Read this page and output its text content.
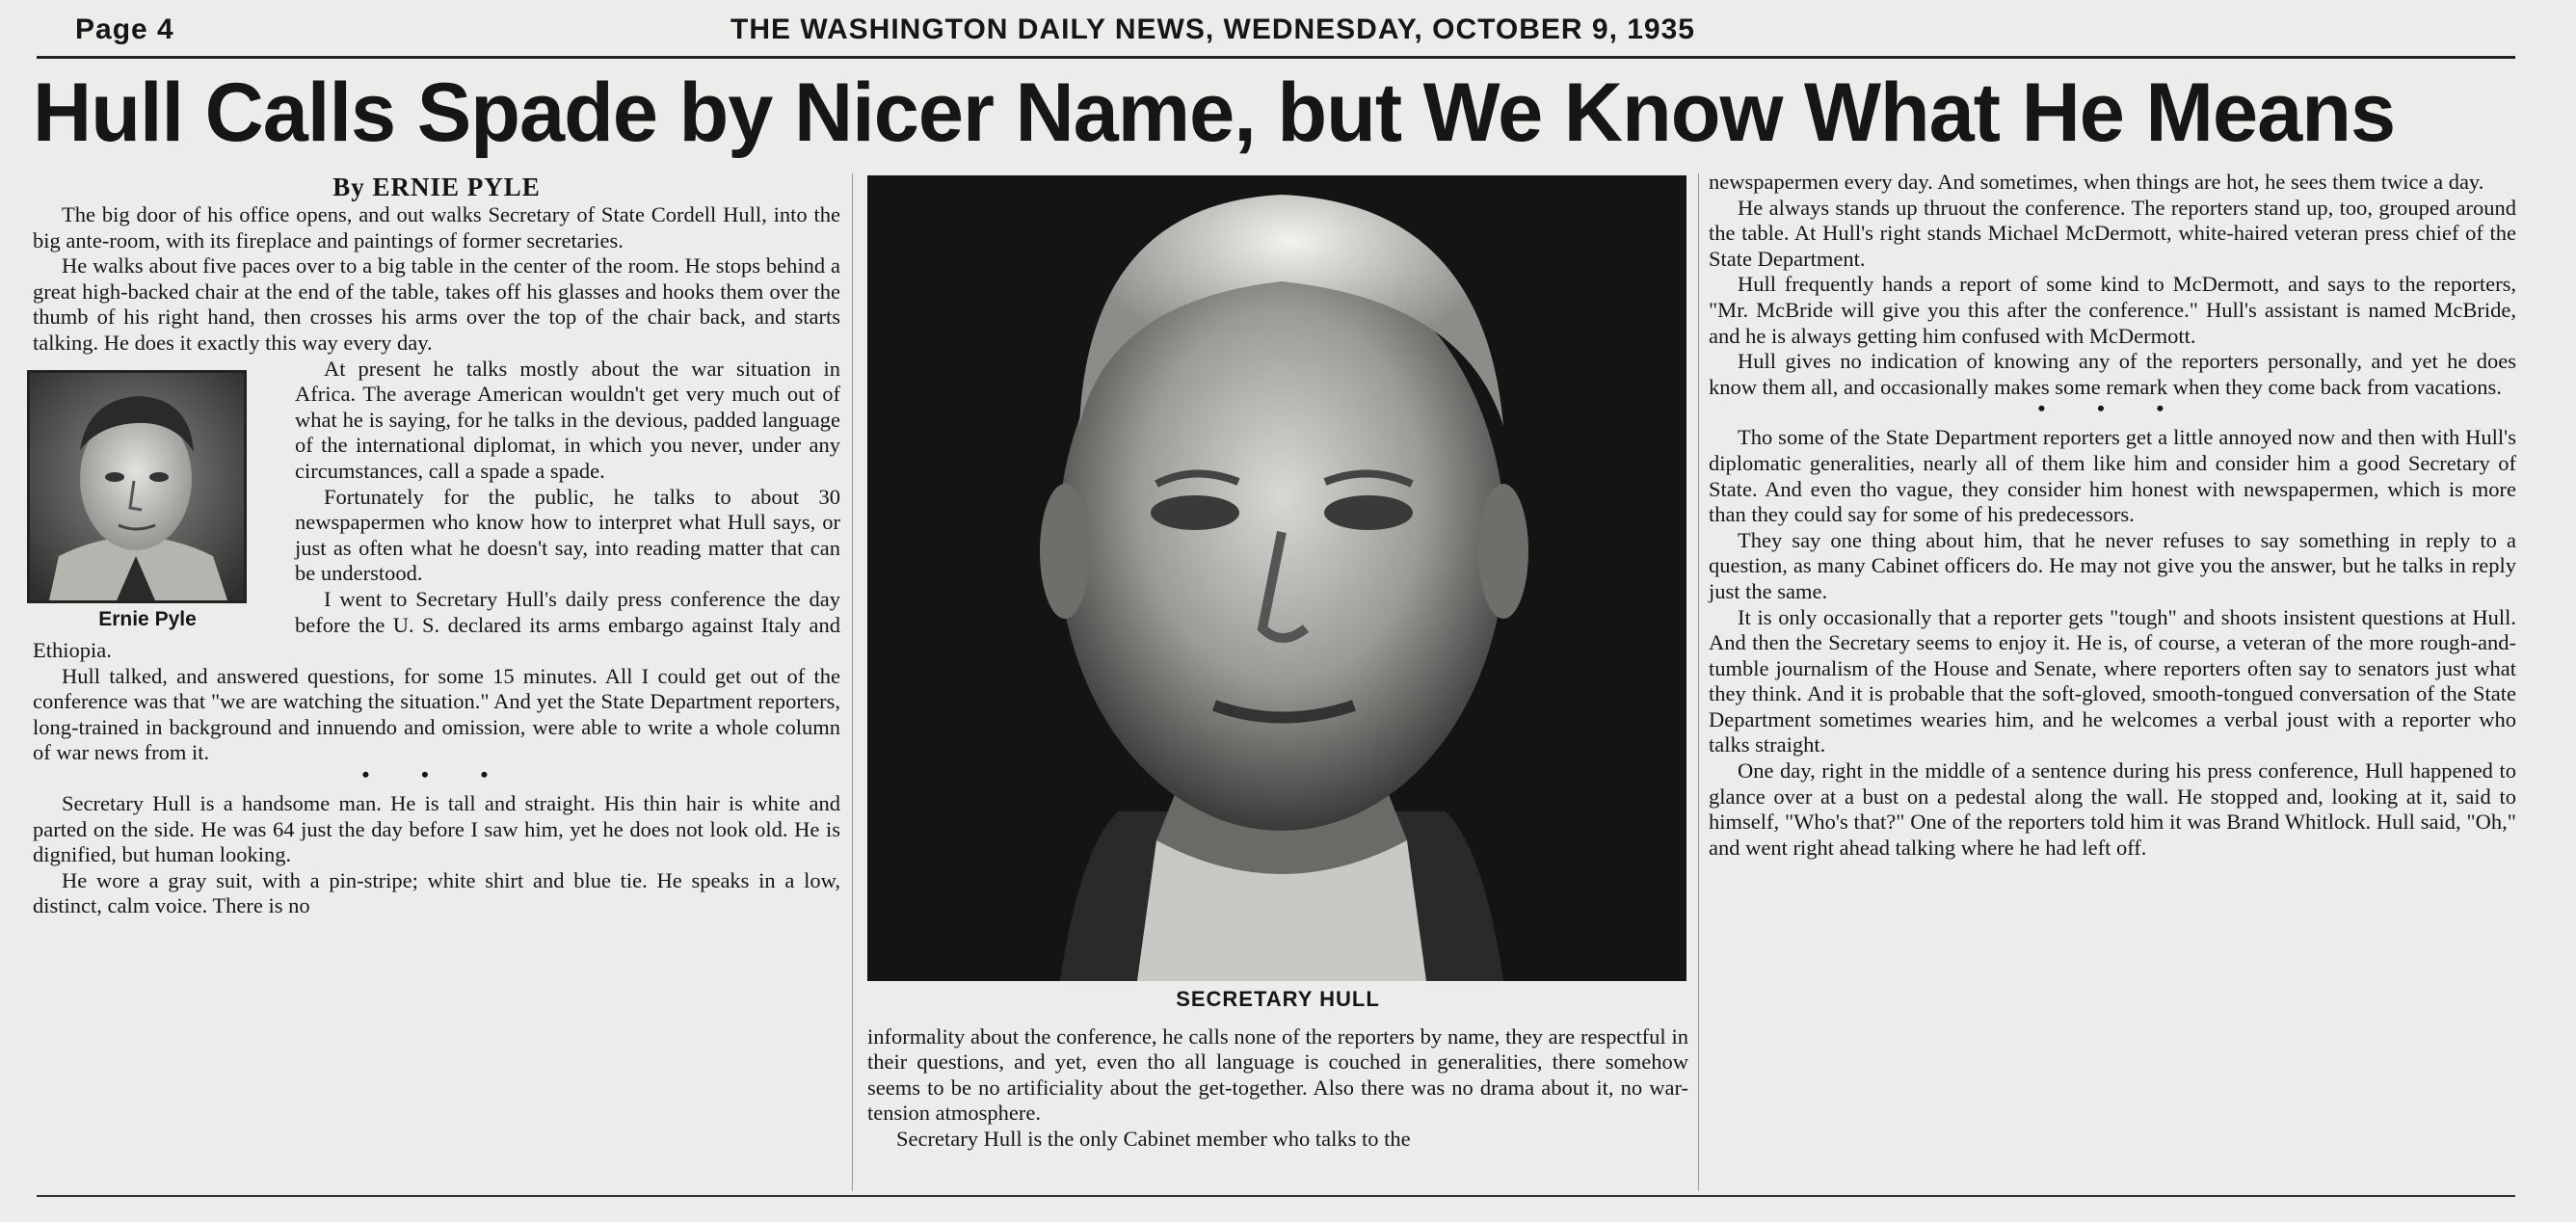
Page 4	THE WASHINGTON DAILY NEWS, WEDNESDAY, OCTOBER 9, 1935
Hull Calls Spade by Nicer Name, but We Know What He Means

By ERNIE PYLE

The big door of his office opens, and out walks Secretary of State Cordell Hull, into the big ante-room, with its fireplace and paintings of former secretaries.

He walks about five paces over to a big table in the center of the room. He stops behind a great high-backed chair at the end of the table, takes off his glasses and hooks them over the thumb of his right hand, then crosses his arms over the top of the chair back, and starts talking. He does it exactly this way every day.

Ernie Pyle

At present he talks mostly about the war situation in Africa. The average American wouldn't get very much out of what he is saying, for he talks in the devious, padded language of the international diplomat, in which you never, under any circumstances, call a spade a spade.

Fortunately for the public, he talks to about 30 newspapermen who know how to interpret what Hull says, or just as often what he doesn't say, into reading matter that can be understood.

I went to Secretary Hull's daily press conference the day before the U. S. declared its arms embargo against Italy and Ethiopia.

Hull talked, and answered questions, for some 15 minutes. All I could get out of the conference was that "we are watching the situation." And yet the State Department reporters, long-trained in background and innuendo and omission, were able to write a whole column of war news from it.

• • •

Secretary Hull is a handsome man. He is tall and straight. His thin hair is white and parted on the side. He was 64 just the day before I saw him, yet he does not look old. He is dignified, but human looking.

He wore a gray suit, with a pin-stripe; white shirt and blue tie. He speaks in a low, distinct, calm voice. There is no

SECRETARY HULL

informality about the conference, he calls none of the reporters by name, they are respectful in their questions, and yet, even tho all language is couched in generalities, there somehow seems to be no artificiality about the get-together. Also there was no drama about it, no war-tension atmosphere.

Secretary Hull is the only Cabinet member who talks to the

newspapermen every day. And sometimes, when things are hot, he sees them twice a day.

He always stands up thruout the conference. The reporters stand up, too, grouped around the table. At Hull's right stands Michael McDermott, white-haired veteran press chief of the State Department.

Hull frequently hands a report of some kind to McDermott, and says to the reporters, "Mr. McBride will give you this after the conference." Hull's assistant is named McBride, and he is always getting him confused with McDermott.

Hull gives no indication of knowing any of the reporters personally, and yet he does know them all, and occasionally makes some remark when they come back from vacations.

• • •

Tho some of the State Department reporters get a little annoyed now and then with Hull's diplomatic generalities, nearly all of them like him and consider him a good Secretary of State. And even tho vague, they consider him honest with newspapermen, which is more than they could say for some of his predecessors.

They say one thing about him, that he never refuses to say something in reply to a question, as many Cabinet officers do. He may not give you the answer, but he talks in reply just the same.

It is only occasionally that a reporter gets "tough" and shoots insistent questions at Hull. And then the Secretary seems to enjoy it. He is, of course, a veteran of the more rough-and-tumble journalism of the House and Senate, where reporters often say to senators just what they think. And it is probable that the soft-gloved, smooth-tongued conversation of the State Department sometimes wearies him, and he welcomes a verbal joust with a reporter who talks straight.

One day, right in the middle of a sentence during his press conference, Hull happened to glance over at a bust on a pedestal along the wall. He stopped and, looking at it, said to himself, "Who's that?" One of the reporters told him it was Brand Whitlock. Hull said, "Oh," and went right ahead talking where he had left off.
